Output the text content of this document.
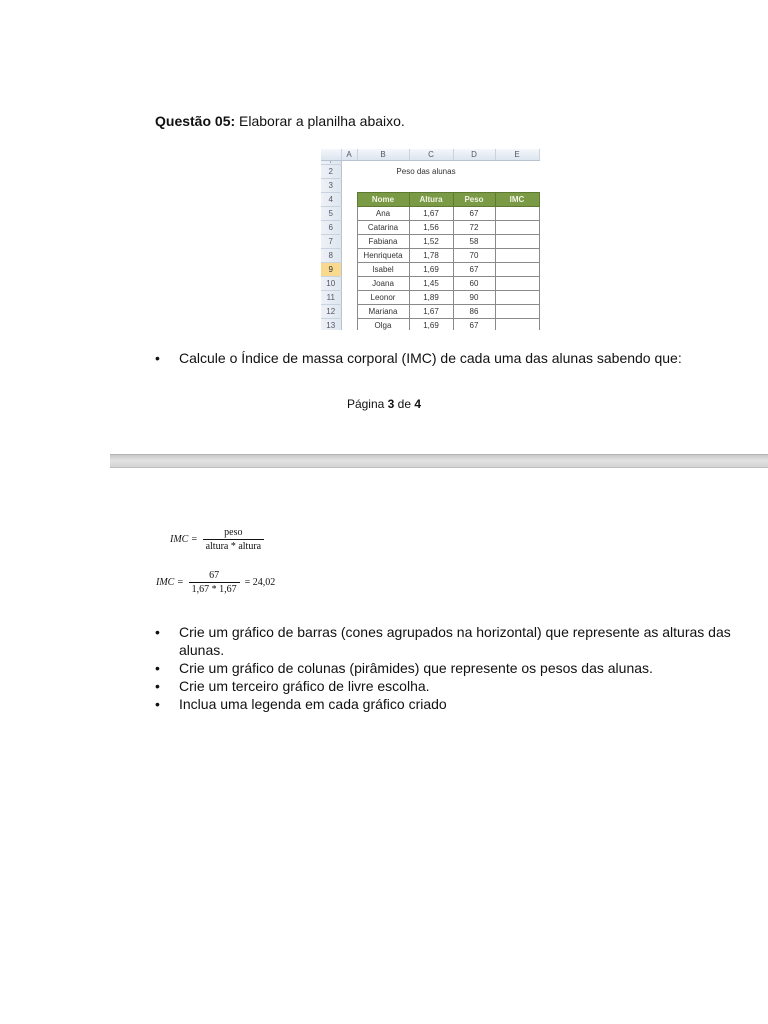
Questão 05: Elaborar a planilha abaixo.
	A	B	C	D	E
1					
2		Peso das alunas			
3					
4		Nome	Altura	Peso	IMC
5		Ana	1,67	67	
6		Catarina	1,56	72	
7		Fabiana	1,52	58	
8		Henriqueta	1,78	70	
9		Isabel	1,69	67	
10		Joana	1,45	60	
11		Leonor	1,89	90	
12		Mariana	1,67	86	
13		Olga	1,69	67	

• Calcule o Índice de massa corporal (IMC) de cada uma das alunas sabendo que:

Página 3 de 4

IMC = $\frac{\text{peso}}{\text{altura * altura}}$
IMC = $\frac{67}{1,67 * 1,67} = 24,02$
• Crie um gráfico de barras (cones agrupados na horizontal) que represente as alturas das alunas.
• Crie um gráfico de colunas (pirâmides) que represente os pesos das alunas.
• Crie um terceiro gráfico de livre escolha.
• Inclua uma legenda em cada gráfico criado
